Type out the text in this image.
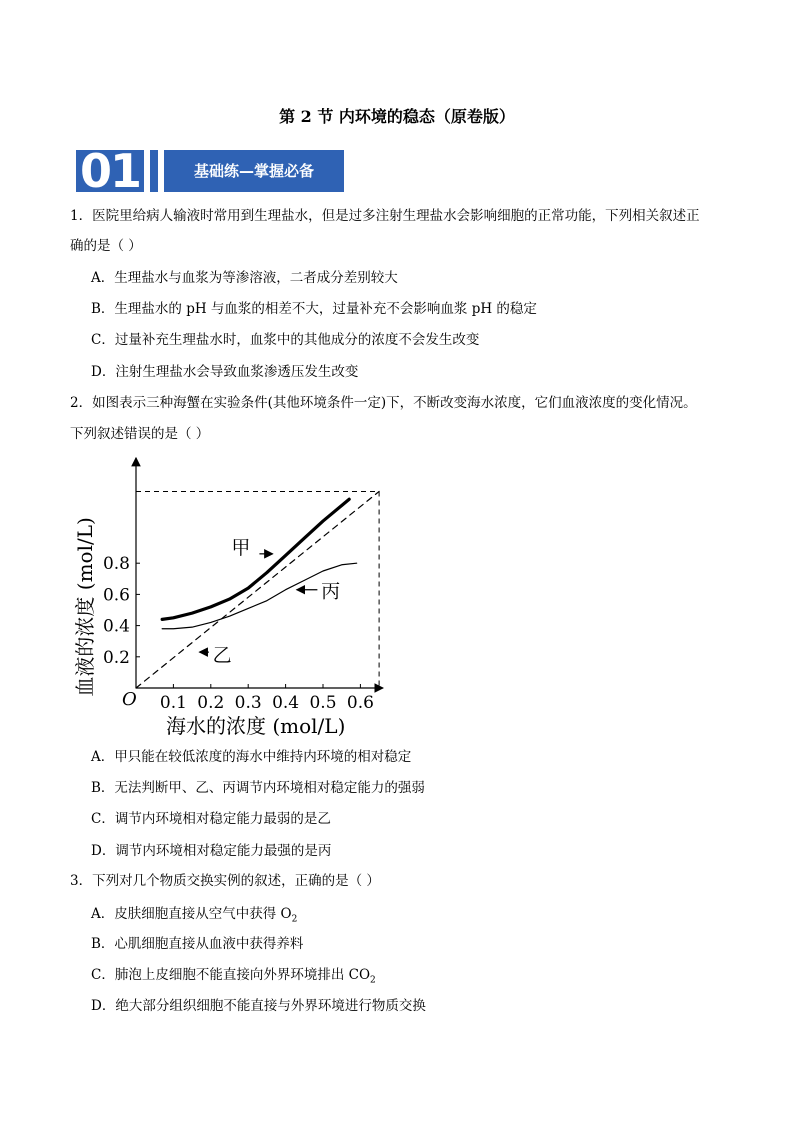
第 2 节 内环境的稳态（原卷版）
01	基础练—掌握必备
1．医院里给病人输液时常用到生理盐水，但是过多注射生理盐水会影响细胞的正常功能，下列相关叙述正
确的是（ ）
A．生理盐水与血浆为等渗溶液，二者成分差别较大
B．生理盐水的 pH 与血浆的相差不大，过量补充不会影响血浆 pH 的稳定
C．过量补充生理盐水时，血浆中的其他成分的浓度不会发生改变
D．注射生理盐水会导致血浆渗透压发生改变
2．如图表示三种海蟹在实验条件(其他环境条件一定)下，不断改变海水浓度，它们血液浓度的变化情况。
下列叙述错误的是（ ）
0.1 0.2 0.3 0.4 0.5 0.6
0.2
0.4
0.6
0.8
O
甲
丙
乙
海水的浓度 (mol/L)
血液的浓度 (mol/L)
A．甲只能在较低浓度的海水中维持内环境的相对稳定
B．无法判断甲、乙、丙调节内环境相对稳定能力的强弱
C．调节内环境相对稳定能力最弱的是乙
D．调节内环境相对稳定能力最强的是丙
3．下列对几个物质交换实例的叙述，正确的是（ ）
A．皮肤细胞直接从空气中获得 $O_2$
B．心肌细胞直接从血液中获得养料
C．肺泡上皮细胞不能直接向外界环境排出 $CO_2$
D．绝大部分组织细胞不能直接与外界环境进行物质交换
